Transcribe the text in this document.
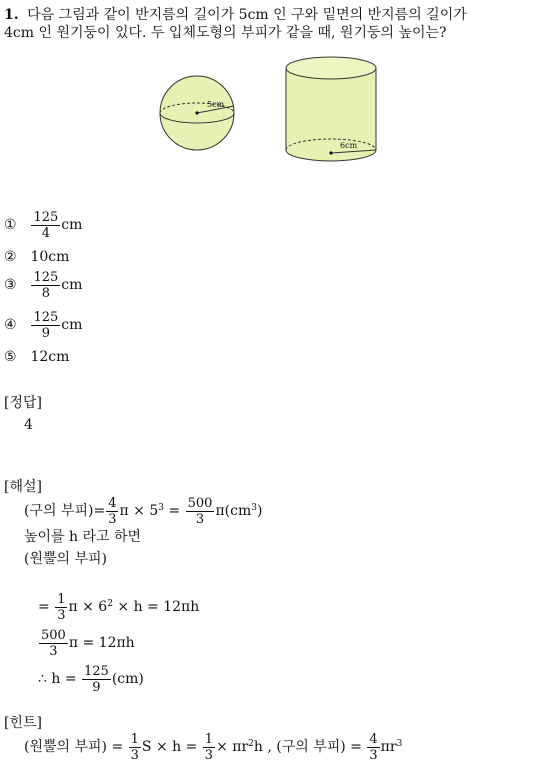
1. 다음 그림과 같이 반지름의 길이가 5cm 인 구와 밑면의 반지름의 길이가
4cm 인 원기둥이 있다. 두 입체도형의 부피가 같을 때, 원기둥의 높이는?
5cm
6cm
① $\frac{125}{4}$ cm
② 10cm
③ $\frac{125}{8}$ cm
④ $\frac{125}{9}$ cm
⑤ 12cm
[정답]
4
[해설]
(구의 부피)= $\frac{4}{3}$ $\pi \times 5^3 = \frac{500}{3} \pi(cm^3)$
높이를 h 라고 하면
(원뿔의 부피)
= $\frac{1}{3}$ $\pi \times 6^2 \times h = 12\pi h$
$\frac{500}{3}$ π = 12πh
∴ $h = \frac{125}{9} (cm)$
[힌트]
(원뿔의 부피) = $\frac{1}{3}$ $S \times h = \frac{1}{3} \times \pi r^2h$ , (구의 부피) = $\frac{4}{3} \pi r^3$
